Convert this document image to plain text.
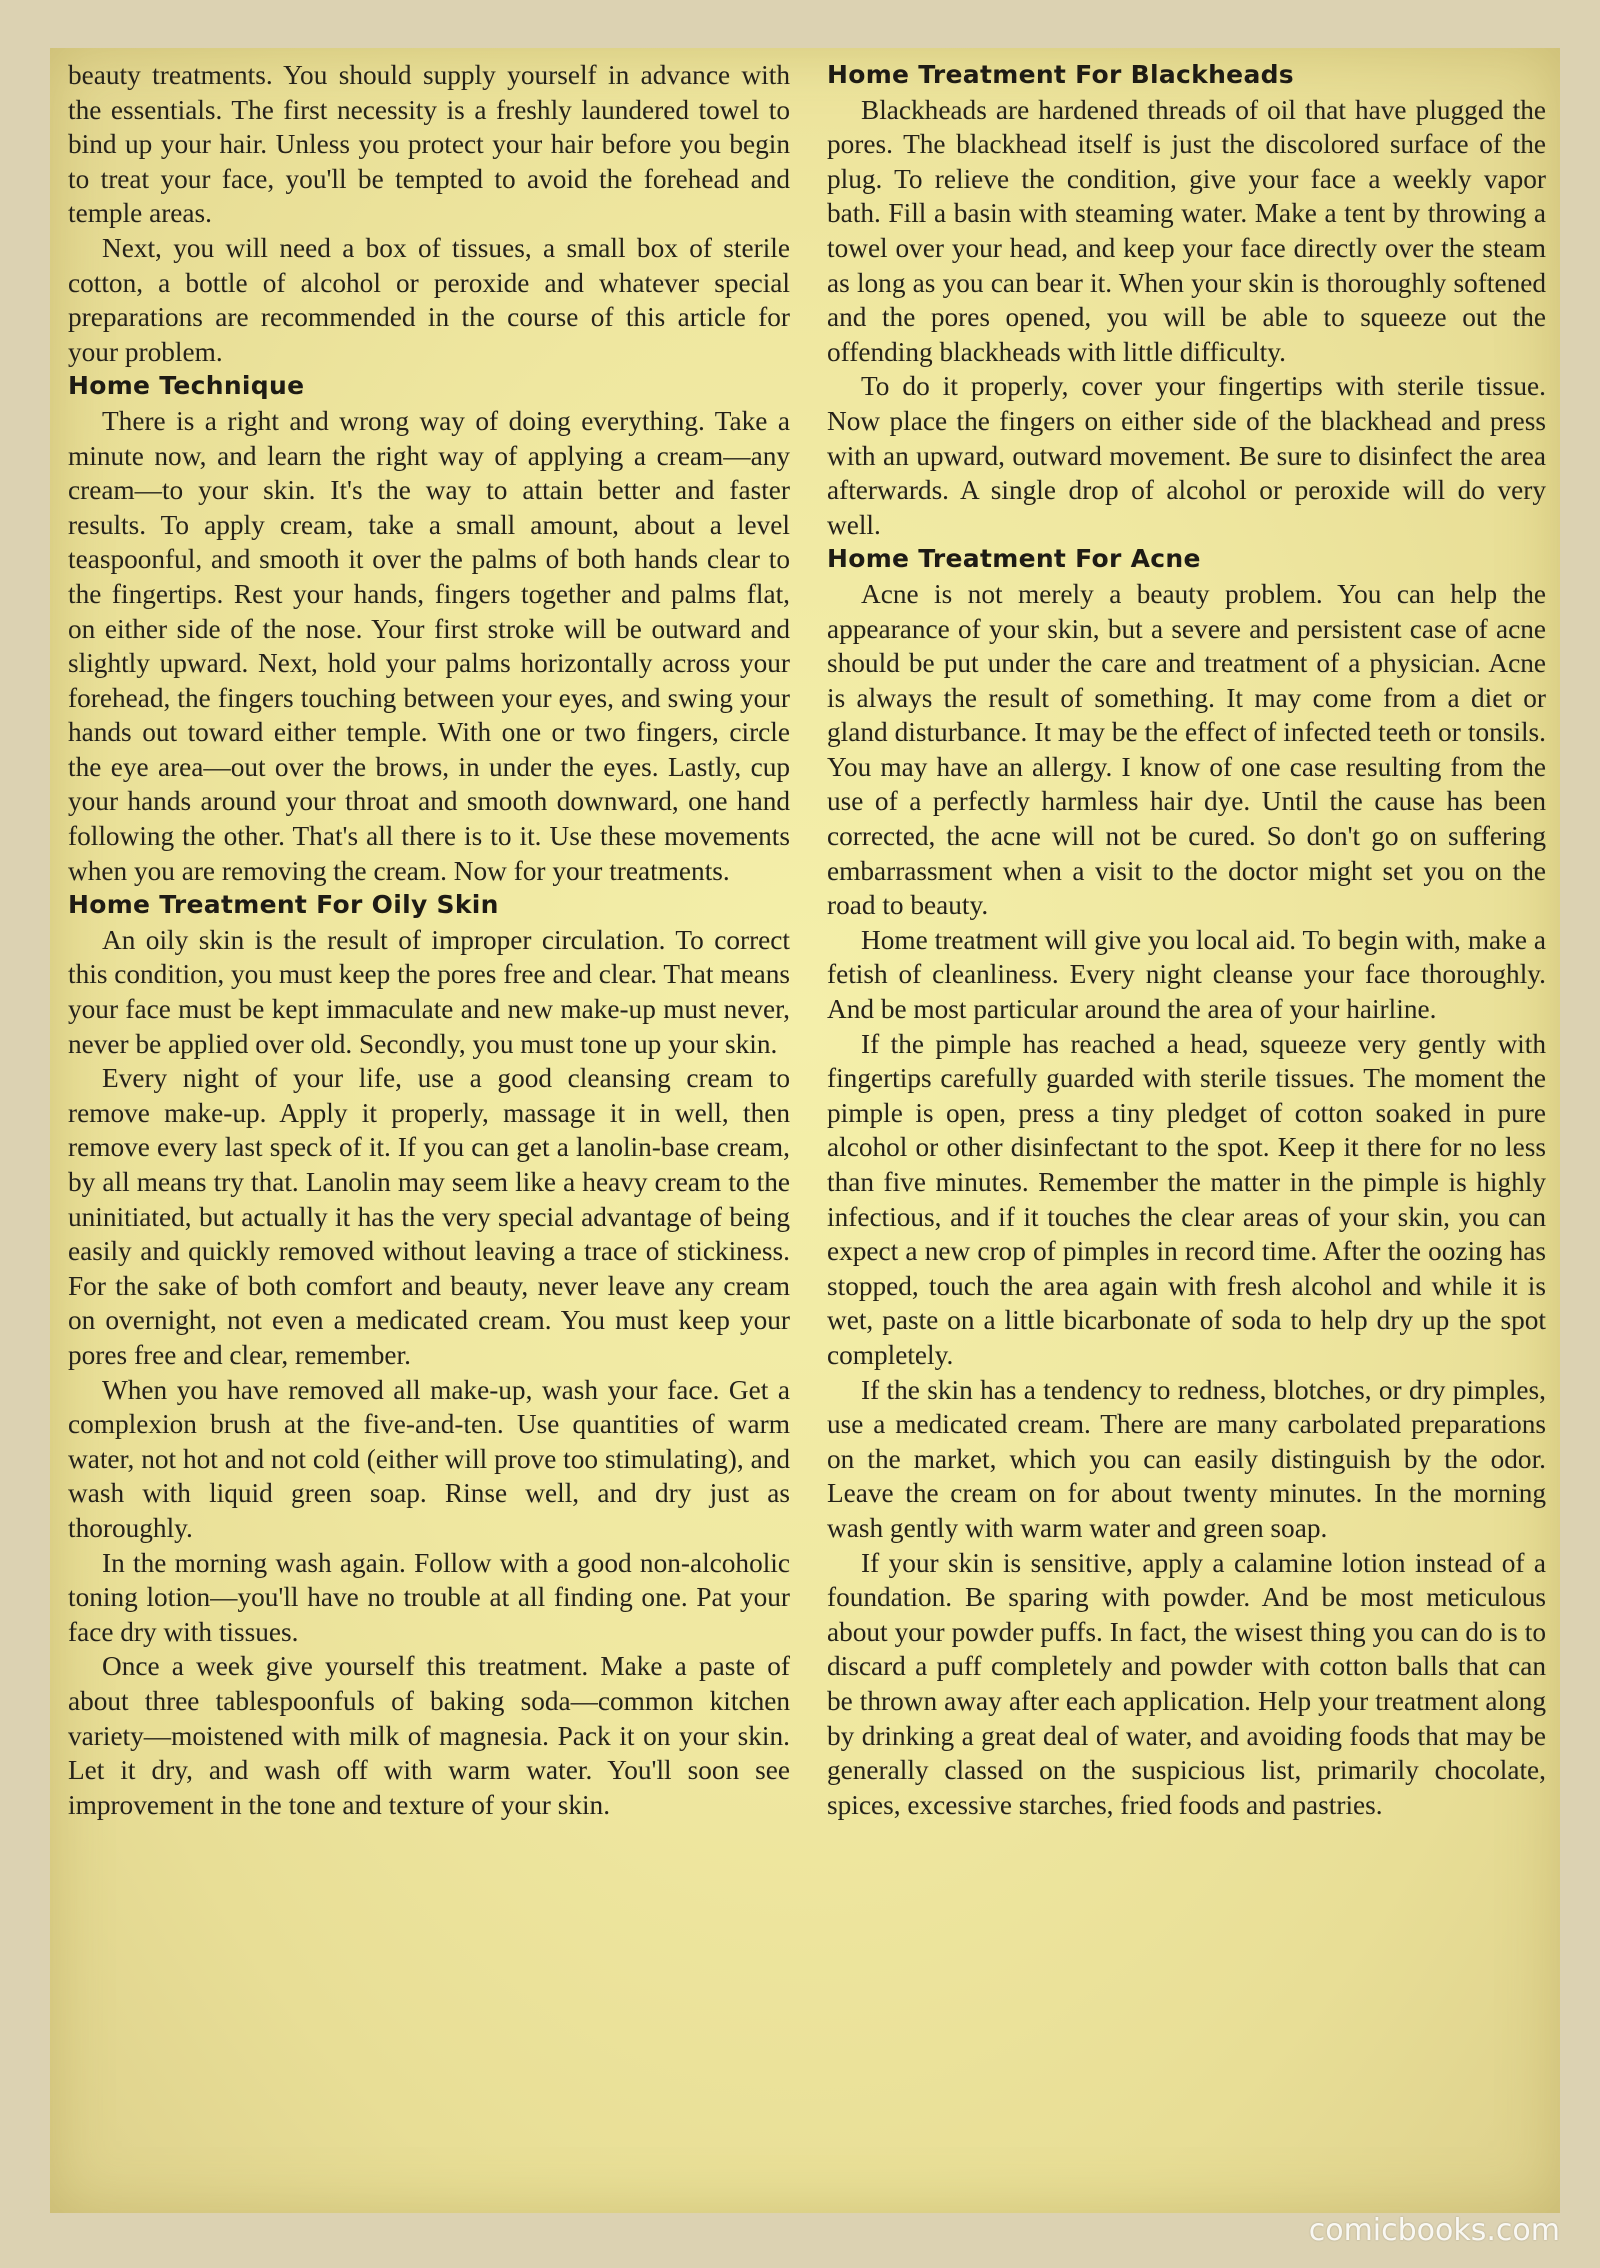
beauty treatments. You should supply yourself in advance with the essentials. The first necessity is a freshly laundered towel to bind up your hair. Unless you protect your hair before you begin to treat your face, you'll be tempted to avoid the forehead and temple areas.

Next, you will need a box of tissues, a small box of sterile cotton, a bottle of alcohol or peroxide and whatever special preparations are recommended in the course of this article for your problem.

Home Technique

There is a right and wrong way of doing everything. Take a minute now, and learn the right way of applying a cream—any cream—to your skin. It's the way to attain better and faster results. To apply cream, take a small amount, about a level teaspoonful, and smooth it over the palms of both hands clear to the fingertips. Rest your hands, fingers together and palms flat, on either side of the nose. Your first stroke will be outward and slightly upward. Next, hold your palms horizontally across your forehead, the fingers touching between your eyes, and swing your hands out toward either temple. With one or two fingers, circle the eye area—out over the brows, in under the eyes. Lastly, cup your hands around your throat and smooth downward, one hand following the other. That's all there is to it. Use these movements when you are removing the cream. Now for your treatments.

Home Treatment For Oily Skin

An oily skin is the result of improper circulation. To correct this condition, you must keep the pores free and clear. That means your face must be kept immaculate and new make-up must never, never be applied over old. Secondly, you must tone up your skin.

Every night of your life, use a good cleansing cream to remove make-up. Apply it properly, massage it in well, then remove every last speck of it. If you can get a lanolin-base cream, by all means try that. Lanolin may seem like a heavy cream to the uninitiated, but actually it has the very special advantage of being easily and quickly removed without leaving a trace of stickiness. For the sake of both comfort and beauty, never leave any cream on overnight, not even a medicated cream. You must keep your pores free and clear, remember.

When you have removed all make-up, wash your face. Get a complexion brush at the five-and-ten. Use quantities of warm water, not hot and not cold (either will prove too stimulating), and wash with liquid green soap. Rinse well, and dry just as thoroughly.

In the morning wash again. Follow with a good non-alcoholic toning lotion—you'll have no trouble at all finding one. Pat your face dry with tissues.

Once a week give yourself this treatment. Make a paste of about three tablespoonfuls of baking soda—common kitchen variety—moistened with milk of magnesia. Pack it on your skin. Let it dry, and wash off with warm water. You'll soon see improvement in the tone and texture of your skin.

Home Treatment For Blackheads

Blackheads are hardened threads of oil that have plugged the pores. The blackhead itself is just the discolored surface of the plug. To relieve the condition, give your face a weekly vapor bath. Fill a basin with steaming water. Make a tent by throwing a towel over your head, and keep your face directly over the steam as long as you can bear it. When your skin is thoroughly softened and the pores opened, you will be able to squeeze out the offending blackheads with little difficulty.

To do it properly, cover your fingertips with sterile tissue. Now place the fingers on either side of the blackhead and press with an upward, outward movement. Be sure to disinfect the area afterwards. A single drop of alcohol or peroxide will do very well.

Home Treatment For Acne

Acne is not merely a beauty problem. You can help the appearance of your skin, but a severe and persistent case of acne should be put under the care and treatment of a physician. Acne is always the result of something. It may come from a diet or gland disturbance. It may be the effect of infected teeth or tonsils. You may have an allergy. I know of one case resulting from the use of a perfectly harmless hair dye. Until the cause has been corrected, the acne will not be cured. So don't go on suffering embarrassment when a visit to the doctor might set you on the road to beauty.

Home treatment will give you local aid. To begin with, make a fetish of cleanliness. Every night cleanse your face thoroughly. And be most particular around the area of your hairline.

If the pimple has reached a head, squeeze very gently with fingertips carefully guarded with sterile tissues. The moment the pimple is open, press a tiny pledget of cotton soaked in pure alcohol or other disinfectant to the spot. Keep it there for no less than five minutes. Remember the matter in the pimple is highly infectious, and if it touches the clear areas of your skin, you can expect a new crop of pimples in record time. After the oozing has stopped, touch the area again with fresh alcohol and while it is wet, paste on a little bicarbonate of soda to help dry up the spot completely.

If the skin has a tendency to redness, blotches, or dry pimples, use a medicated cream. There are many carbolated preparations on the market, which you can easily distinguish by the odor. Leave the cream on for about twenty minutes. In the morning wash gently with warm water and green soap.

If your skin is sensitive, apply a calamine lotion instead of a foundation. Be sparing with powder. And be most meticulous about your powder puffs. In fact, the wisest thing you can do is to discard a puff completely and powder with cotton balls that can be thrown away after each application. Help your treatment along by drinking a great deal of water, and avoiding foods that may be generally classed on the suspicious list, primarily chocolate, spices, excessive starches, fried foods and pastries.

comicbooks.com
